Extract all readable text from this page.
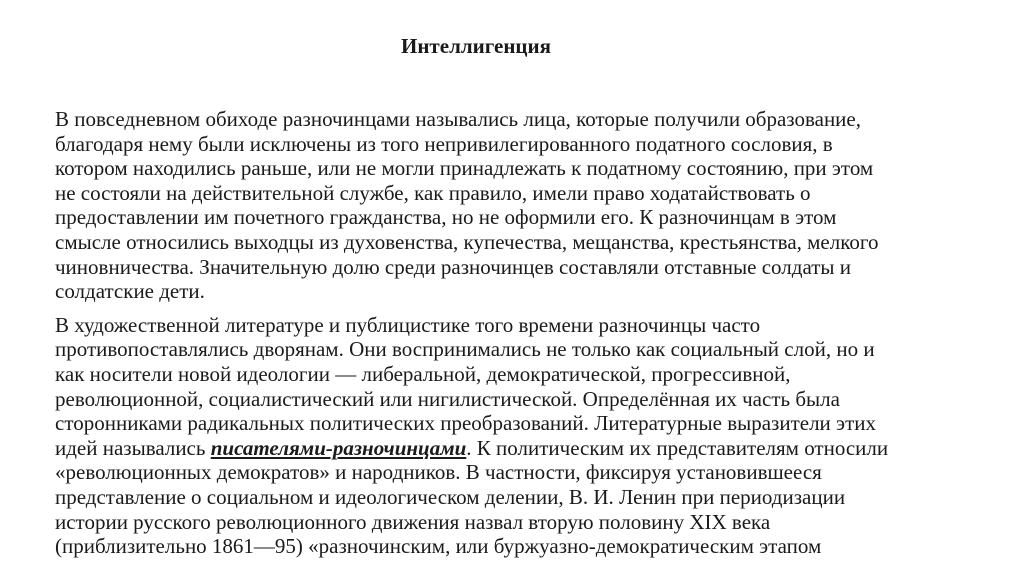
Интеллигенция

В повседневном обиходе разночинцами назывались лица, которые получили образование,
благодаря нему были исключены из того непривилегированного податного сословия, в
котором находились раньше, или не могли принадлежать к податному состоянию, при этом
не состояли на действительной службе, как правило, имели право ходатайствовать о
предоставлении им почетного гражданства, но не оформили его. К разночинцам в этом
смысле относились выходцы из духовенства, купечества, мещанства, крестьянства, мелкого
чиновничества. Значительную долю среди разночинцев составляли отставные солдаты и
солдатские дети.

В художественной литературе и публицистике того времени разночинцы часто
противопоставлялись дворянам. Они воспринимались не только как социальный слой, но и
как носители новой идеологии — либеральной, демократической, прогрессивной,
революционной, социалистический или нигилистической. Определённая их часть была
сторонниками радикальных политических преобразований. Литературные выразители этих
идей назывались писателями-разночинцами. К политическим их представителям относили
«революционных демократов» и народников. В частности, фиксируя установившееся
представление о социальном и идеологическом делении, В. И. Ленин при периодизации
истории русского революционного движения назвал вторую половину XIX века
(приблизительно 1861—95) «разночинским, или буржуазно-демократическим этапом
